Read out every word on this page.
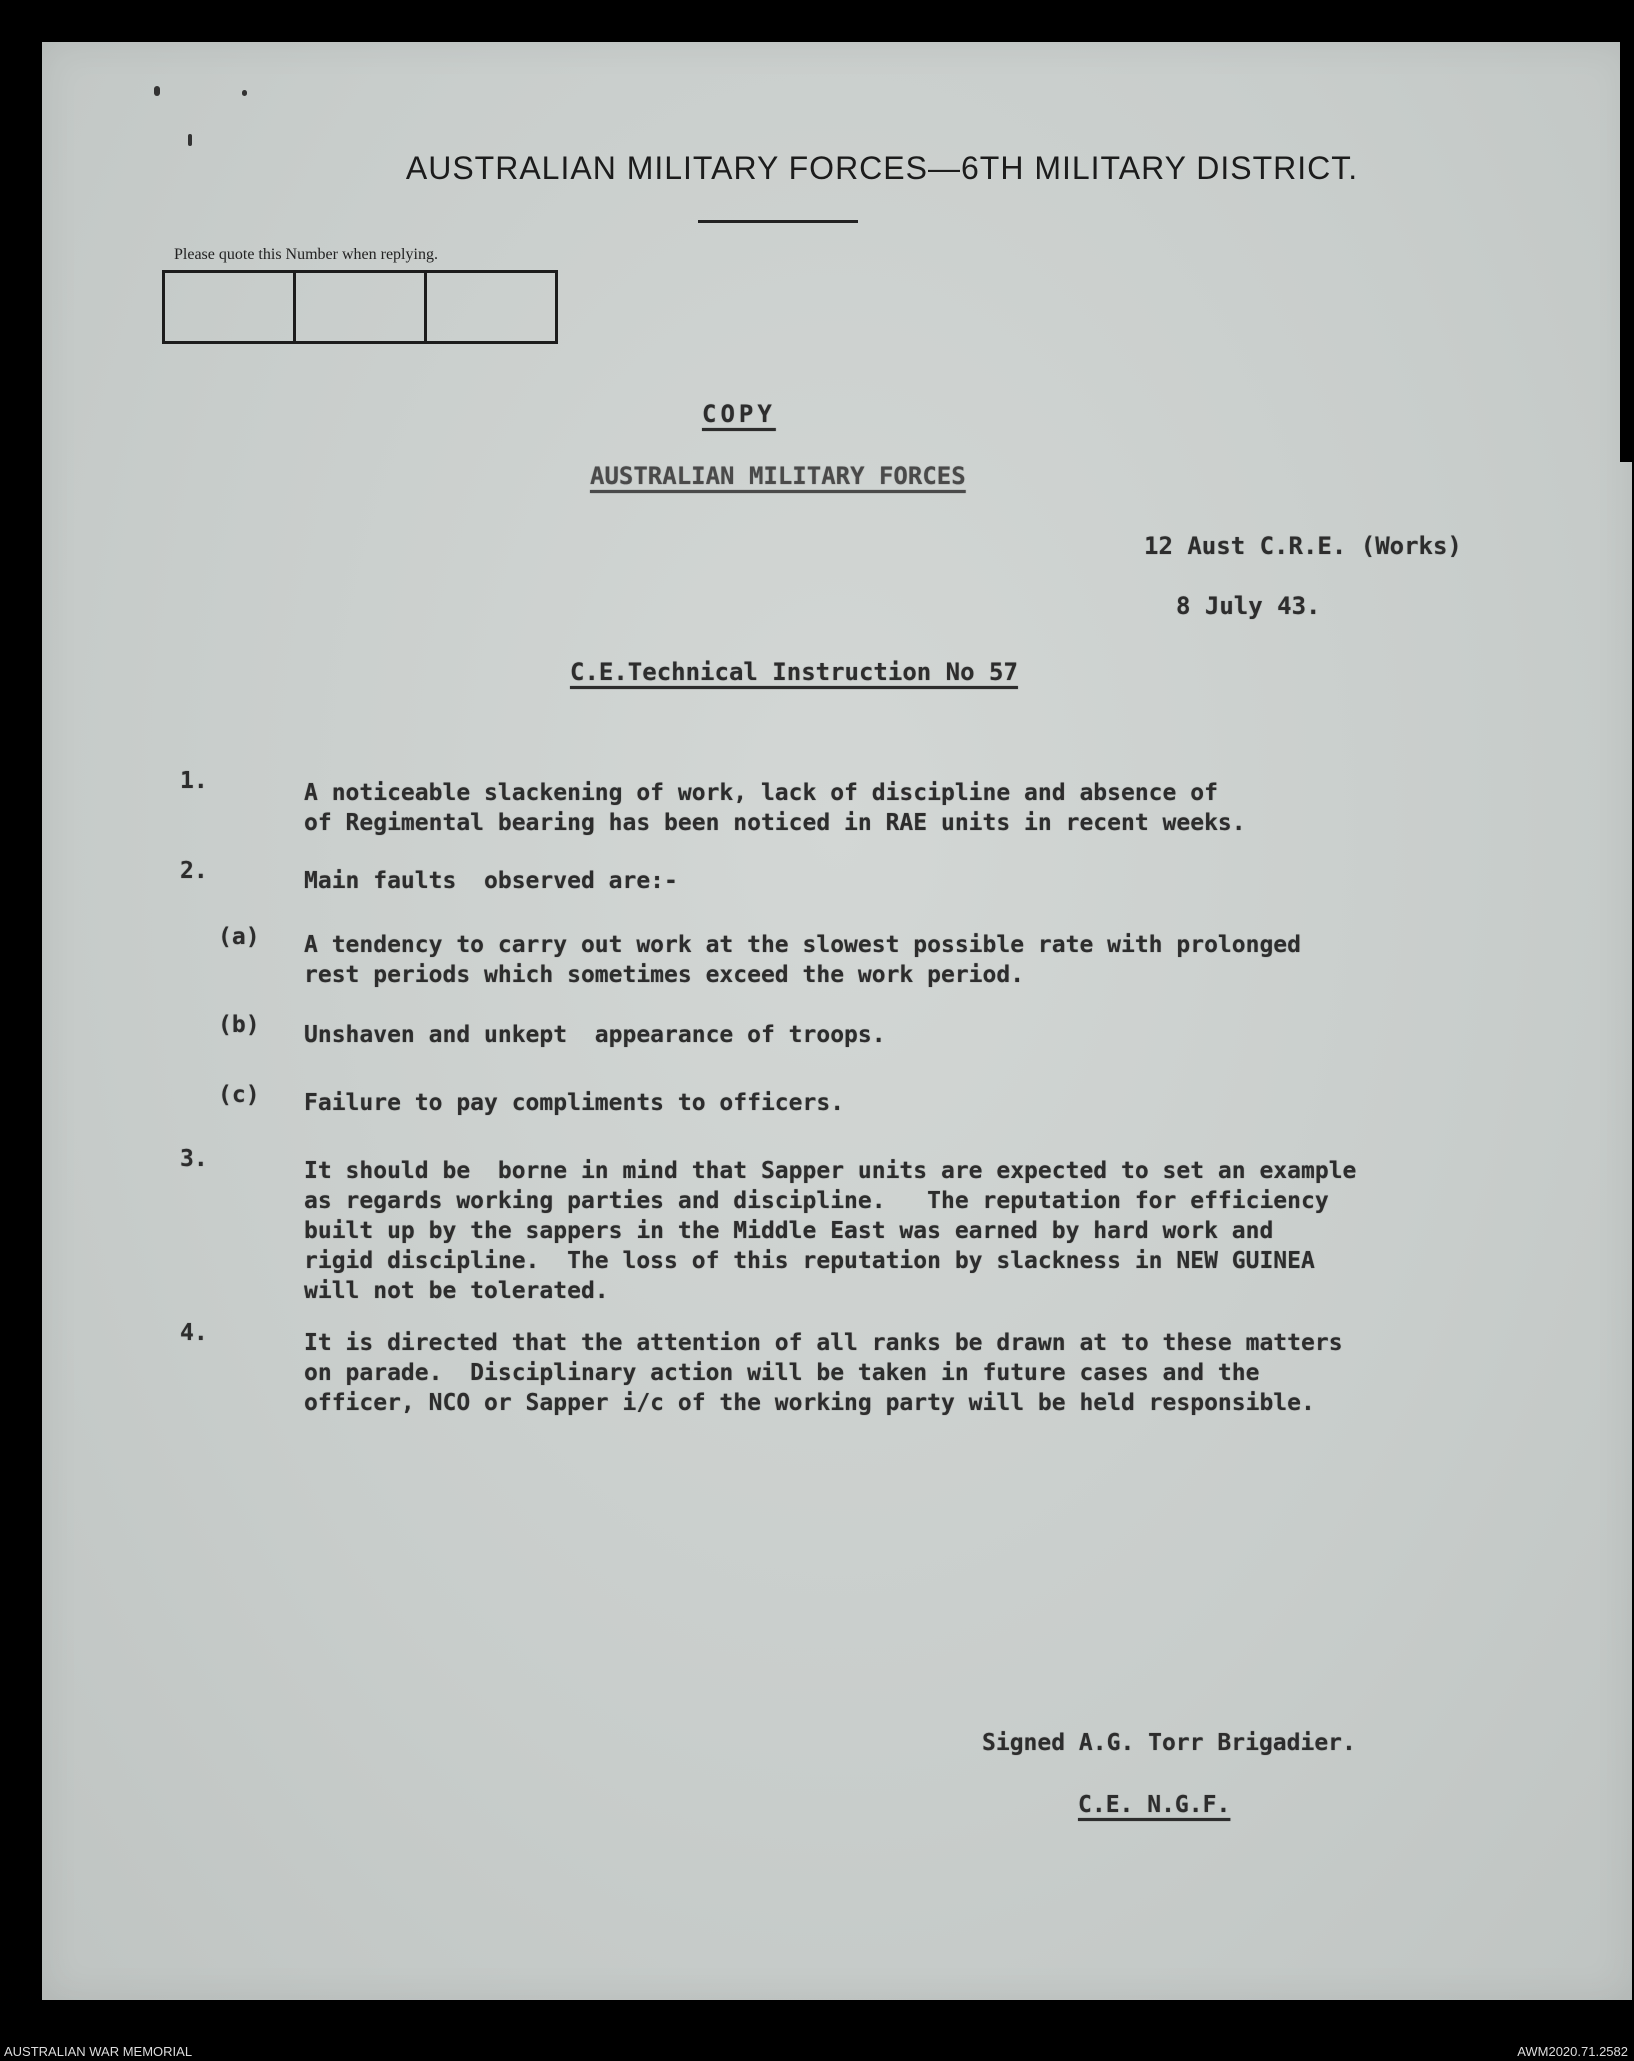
AUSTRALIAN MILITARY FORCES—6TH MILITARY DISTRICT.
Please quote this Number when replying.
COPY
AUSTRALIAN MILITARY FORCES
12 Aust C.R.E. (Works)
8 July 43.
C.E.Technical Instruction No 57
1.	A noticeable slackening of work, lack of discipline and absence of
of Regimental bearing has been noticed in RAE units in recent weeks.
2.	Main faults  observed are:-
(a) A tendency to carry out work at the slowest possible rate with prolonged
rest periods which sometimes exceed the work period.
(b) Unshaven and unkept  appearance of troops.
(c) Failure to pay compliments to officers.
3.	It should be  borne in mind that Sapper units are expected to set an example
as regards working parties and discipline.   The reputation for efficiency
built up by the sappers in the Middle East was earned by hard work and
rigid discipline.  The loss of this reputation by slackness in NEW GUINEA
will not be tolerated.
4.	It is directed that the attention of all ranks be drawn at to these matters
on parade.  Disciplinary action will be taken in future cases and the
officer, NCO or Sapper i/c of the working party will be held responsible.
Signed A.G. Torr Brigadier.
C.E. N.G.F.
AUSTRALIAN WAR MEMORIAL	AWM2020.71.2582
